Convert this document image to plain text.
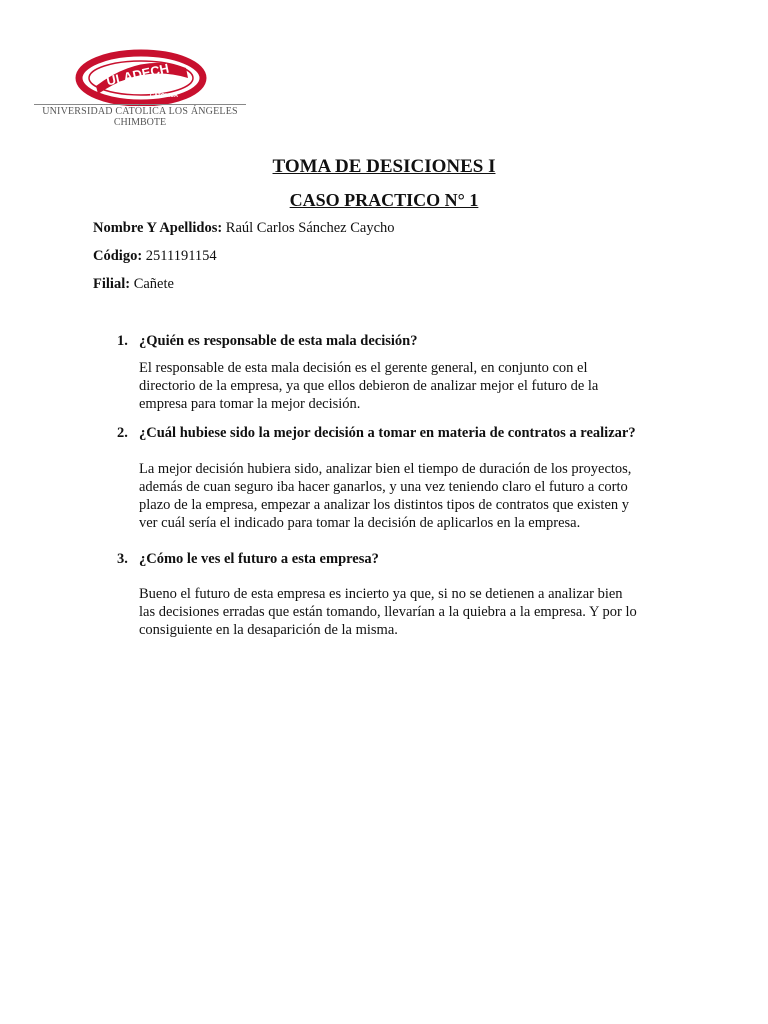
ULADECH
CATÓLICA
UNIVERSIDAD CATÓLICA LOS ÁNGELES
CHIMBOTE
TOMA DE DESICIONES I
CASO PRACTICO N° 1
Nombre Y Apellidos: Raúl Carlos Sánchez Caycho
Código: 2511191154
Filial: Cañete
1. ¿Quién es responsable de esta mala decisión?
El responsable de esta mala decisión es el gerente general, en conjunto con el
directorio de la empresa, ya que ellos debieron de analizar mejor el futuro de la
empresa para tomar la mejor decisión.
2. ¿Cuál hubiese sido la mejor decisión a tomar en materia de contratos a realizar?
La mejor decisión hubiera sido, analizar bien el tiempo de duración de los proyectos,
además de cuan seguro iba hacer ganarlos, y una vez teniendo claro el futuro a corto
plazo de la empresa, empezar a analizar los distintos tipos de contratos que existen y
ver cuál sería el indicado para tomar la decisión de aplicarlos en la empresa.
3. ¿Cómo le ves el futuro a esta empresa?
Bueno el futuro de esta empresa es incierto ya que, si no se detienen a analizar bien
las decisiones erradas que están tomando, llevarían a la quiebra a la empresa. Y por lo
consiguiente en la desaparición de la misma.
